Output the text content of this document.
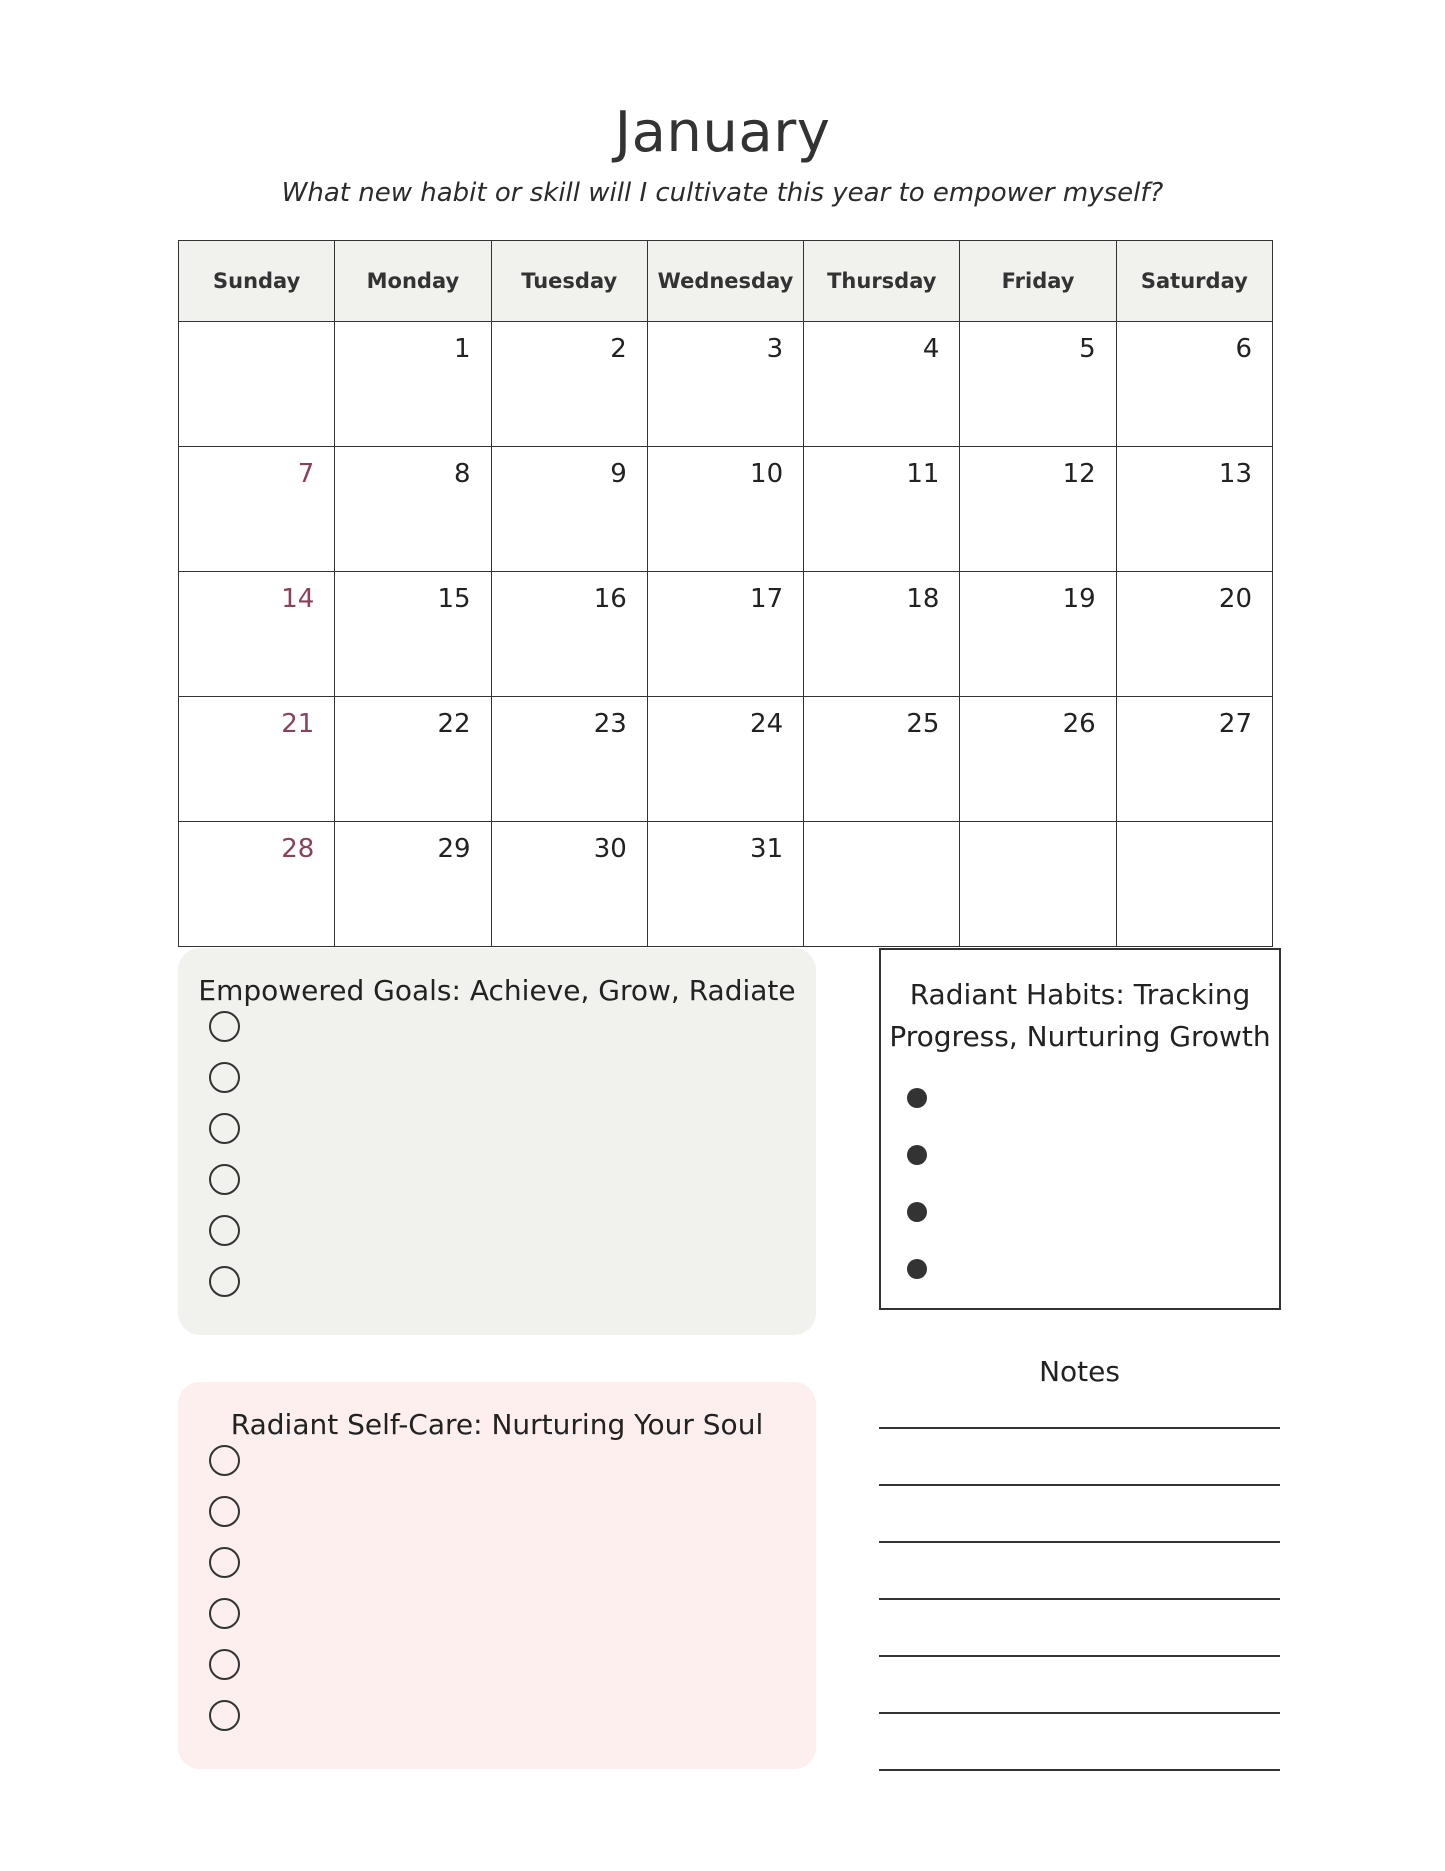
January
What new habit or skill will I cultivate this year to empower myself?
Sunday	Monday	Tuesday	Wednesday	Thursday	Friday	Saturday
	1	2	3	4	5	6
7	8	9	10	11	12	13
14	15	16	17	18	19	20
21	22	23	24	25	26	27
28	29	30	31			
Empowered Goals: Achieve, Grow, Radiate
Radiant Self-Care: Nurturing Your Soul
Radiant Habits: Tracking Progress, Nurturing Growth
Notes
